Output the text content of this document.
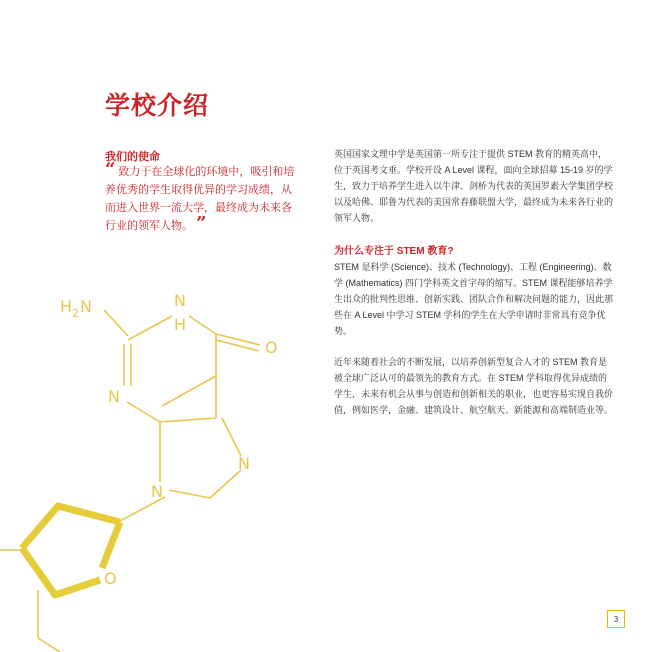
学校介绍
我们的使命
“ 致力于在全球化的环境中，吸引和培养优秀的学生取得优异的学习成绩，从而进入世界一流大学，最终成为未来各行业的领军人物。 ”
英国国家文理中学是英国第一所专注于提供 STEM 教育的精英高中，位于英国考文垂。学校开设 A Level 课程，面向全球招募 15-19 岁的学生，致力于培养学生进入以牛津、剑桥为代表的英国罗素大学集团学校以及哈佛、耶鲁为代表的美国常春藤联盟大学，最终成为未来各行业的领军人物。
为什么专注于 STEM 教育?
STEM 是科学 (Science)、技术 (Technology)、工程 (Engineering)、数学 (Mathematics) 四门学科英文首字母的缩写。STEM 课程能够培养学生出众的批判性思维、创新实践、团队合作和解决问题的能力，因此那些在 A Level 中学习 STEM 学科的学生在大学申请时非常具有竞争优势。
近年来随着社会的不断发展，以培养创新型复合人才的 STEM 教育是被全球广泛认可的最领先的教育方式。在 STEM 学科取得优异成绩的学生，未来有机会从事与创造和创新相关的职业，也更容易实现自我价值，例如医学，金融、建筑设计、航空航天、新能源和高端制造业等。
3
H 2 N	N
H
O
N
N
N
O
